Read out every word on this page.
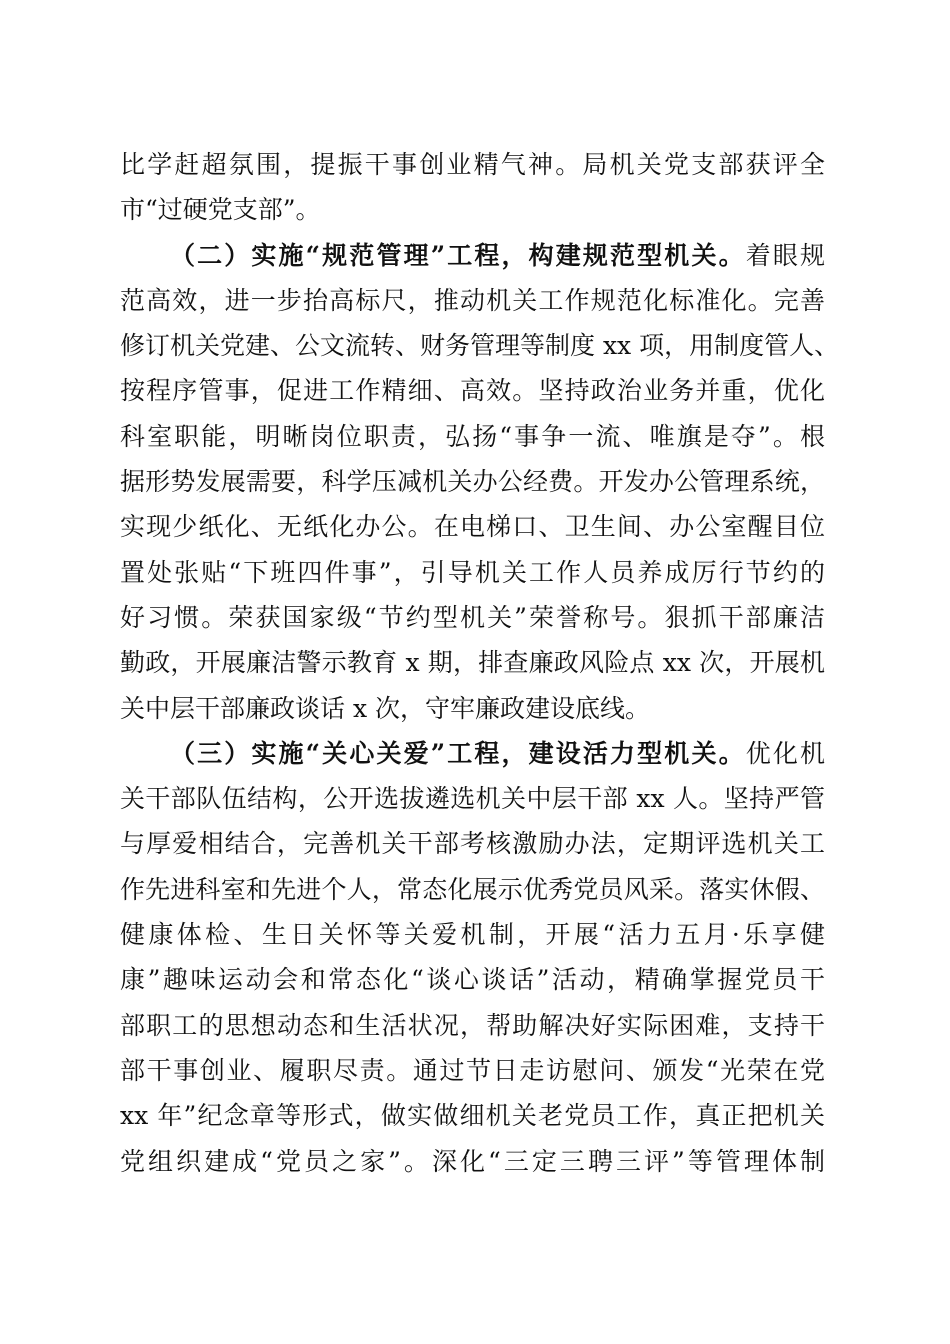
比学赶超氛围，提振干事创业精气神。局机关党支部获评全
市“过硬党支部”。
（二）实施“规范管理”工程，构建规范型机关。着眼规
范高效，进一步抬高标尺，推动机关工作规范化标准化。完善
修订机关党建、公文流转、财务管理等制度 xx 项，用制度管人、
按程序管事，促进工作精细、高效。坚持政治业务并重，优化
科室职能，明晰岗位职责，弘扬“事争一流、唯旗是夺”。根
据形势发展需要，科学压减机关办公经费。开发办公管理系统，
实现少纸化、无纸化办公。在电梯口、卫生间、办公室醒目位
置处张贴“下班四件事”，引导机关工作人员养成厉行节约的
好习惯。荣获国家级“节约型机关”荣誉称号。狠抓干部廉洁
勤政，开展廉洁警示教育 x 期，排查廉政风险点 xx 次，开展机
关中层干部廉政谈话 x 次，守牢廉政建设底线。
（三）实施“关心关爱”工程，建设活力型机关。优化机
关干部队伍结构，公开选拔遴选机关中层干部 xx 人。坚持严管
与厚爱相结合，完善机关干部考核激励办法，定期评选机关工
作先进科室和先进个人，常态化展示优秀党员风采。落实休假、
健康体检、生日关怀等关爱机制，开展“活力五月·乐享健
康”趣味运动会和常态化“谈心谈话”活动，精确掌握党员干
部职工的思想动态和生活状况，帮助解决好实际困难，支持干
部干事创业、履职尽责。通过节日走访慰问、颁发“光荣在党
xx 年”纪念章等形式，做实做细机关老党员工作，真正把机关
党组织建成“党员之家”。深化“三定三聘三评”等管理体制
